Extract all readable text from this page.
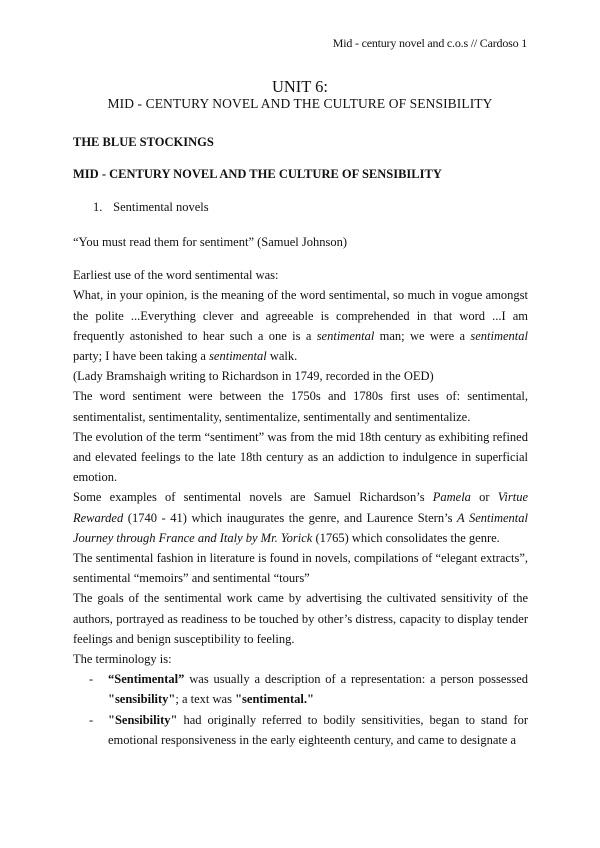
Mid - century novel and c.o.s // Cardoso 1
UNIT 6:
MID - CENTURY NOVEL AND THE CULTURE OF SENSIBILITY
THE BLUE STOCKINGS
MID - CENTURY NOVEL AND THE CULTURE OF SENSIBILITY
1. Sentimental novels

“You must read them for sentiment” (Samuel Johnson)

Earliest use of the word sentimental was:

What, in your opinion, is the meaning of the word sentimental, so much in vogue amongst the polite ...Everything clever and agreeable is comprehended in that word ...I am frequently astonished to hear such a one is a sentimental man; we were a sentimental party; I have been taking a sentimental walk.

(Lady Bramshaigh writing to Richardson in 1749, recorded in the OED)

The word sentiment were between the 1750s and 1780s first uses of: sentimental, sentimentalist, sentimentality, sentimentalize, sentimentally and sentimentalize.

The evolution of the term “sentiment” was from the mid 18th century as exhibiting refined and elevated feelings to the late 18th century as an addiction to indulgence in superficial emotion.

Some examples of sentimental novels are Samuel Richardson’s Pamela or Virtue Rewarded (1740 - 41) which inaugurates the genre, and Laurence Stern’s A Sentimental Journey through France and Italy by Mr. Yorick (1765) which consolidates the genre.

The sentimental fashion in literature is found in novels, compilations of “elegant extracts”, sentimental “memoirs” and sentimental “tours”

The goals of the sentimental work came by advertising the cultivated sensitivity of the authors, portrayed as readiness to be touched by other’s distress, capacity to display tender feelings and benign susceptibility to feeling.

The terminology is:

- “Sentimental” was usually a description of a representation: a person possessed "sensibility"; a text was "sentimental."
- "Sensibility" had originally referred to bodily sensitivities, began to stand for emotional responsiveness in the early eighteenth century, and came to designate a
